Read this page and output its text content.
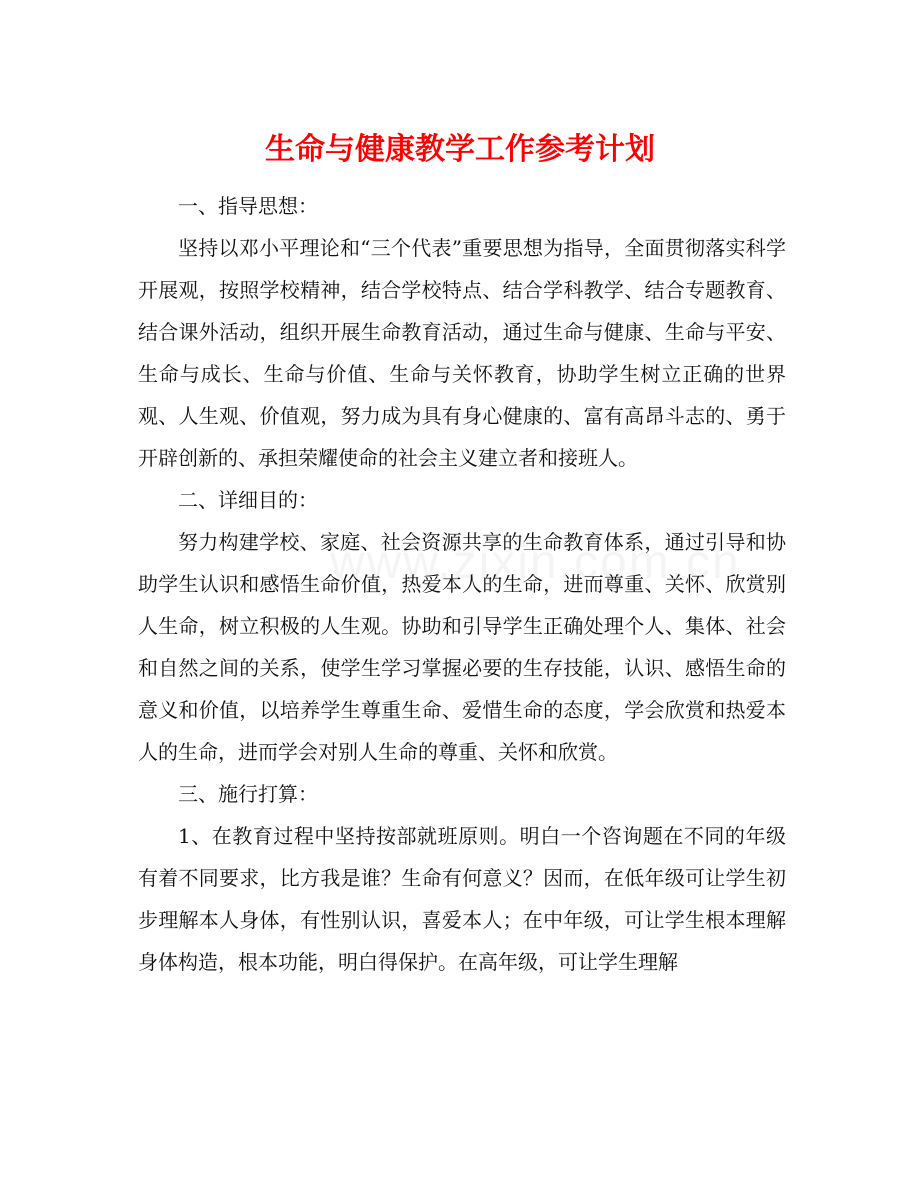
生命与健康教学工作参考计划

一、指导思想：

坚持以邓小平理论和“三个代表”重要思想为指导，全面贯彻落实科学开展观，按照学校精神，结合学校特点、结合学科教学、结合专题教育、结合课外活动，组织开展生命教育活动，通过生命与健康、生命与平安、生命与成长、生命与价值、生命与关怀教育，协助学生树立正确的世界观、人生观、价值观，努力成为具有身心健康的、富有高昂斗志的、勇于开辟创新的、承担荣耀使命的社会主义建立者和接班人。

二、详细目的：

努力构建学校、家庭、社会资源共享的生命教育体系，通过引导和协助学生认识和感悟生命价值，热爱本人的生命，进而尊重、关怀、欣赏别人生命，树立积极的人生观。协助和引导学生正确处理个人、集体、社会和自然之间的关系，使学生学习掌握必要的生存技能，认识、感悟生命的意义和价值，以培养学生尊重生命、爱惜生命的态度，学会欣赏和热爱本人的生命，进而学会对别人生命的尊重、关怀和欣赏。

三、施行打算：

1、在教育过程中坚持按部就班原则。明白一个咨询题在不同的年级有着不同要求，比方我是谁？生命有何意义？因而，在低年级可让学生初步理解本人身体，有性别认识，喜爱本人；在中年级，可让学生根本理解身体构造，根本功能，明白得保护。在高年级，可让学生理解
